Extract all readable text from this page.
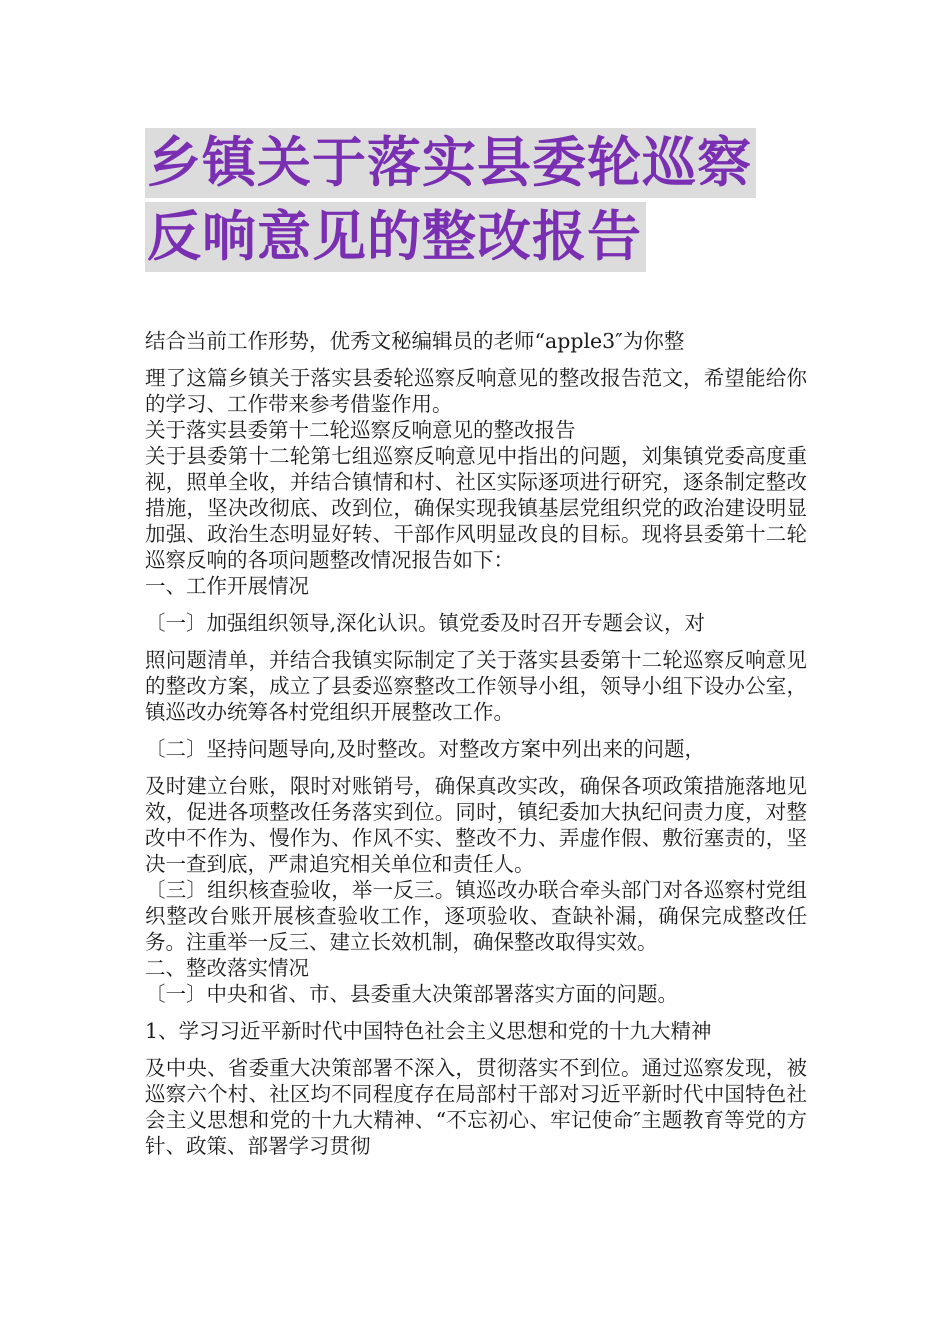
乡镇关于落实县委轮巡察
反响意见的整改报告

结合当前工作形势，优秀文秘编辑员的老师“apple3″为你整

理了这篇乡镇关于落实县委轮巡察反响意见的整改报告范文，希望能给你的学习、工作带来参考借鉴作用。

关于落实县委第十二轮巡察反响意见的整改报告

关于县委第十二轮第七组巡察反响意见中指出的问题，刘集镇党委高度重视，照单全收，并结合镇情和村、社区实际逐项进行研究，逐条制定整改措施，坚决改彻底、改到位，确保实现我镇基层党组织党的政治建设明显加强、政治生态明显好转、干部作风明显改良的目标。现将县委第十二轮巡察反响的各项问题整改情况报告如下：

一、工作开展情况

〔一〕加强组织领导,深化认识。镇党委及时召开专题会议，对

照问题清单，并结合我镇实际制定了关于落实县委第十二轮巡察反响意见的整改方案，成立了县委巡察整改工作领导小组，领导小组下设办公室，镇巡改办统筹各村党组织开展整改工作。

〔二〕坚持问题导向,及时整改。对整改方案中列出来的问题，

及时建立台账，限时对账销号，确保真改实改，确保各项政策措施落地见效，促进各项整改任务落实到位。同时，镇纪委加大执纪问责力度，对整改中不作为、慢作为、作风不实、整改不力、弄虚作假、敷衍塞责的，坚决一查到底，严肃追究相关单位和责任人。

〔三〕组织核查验收，举一反三。镇巡改办联合牵头部门对各巡察村党组织整改台账开展核查验收工作，逐项验收、查缺补漏，确保完成整改任务。注重举一反三、建立长效机制，确保整改取得实效。

二、整改落实情况

〔一〕中央和省、市、县委重大决策部署落实方面的问题。

1、学习习近平新时代中国特色社会主义思想和党的十九大精神

及中央、省委重大决策部署不深入，贯彻落实不到位。通过巡察发现，被巡察六个村、社区均不同程度存在局部村干部对习近平新时代中国特色社会主义思想和党的十九大精神、“不忘初心、牢记使命″主题教育等党的方针、政策、部署学习贯彻
